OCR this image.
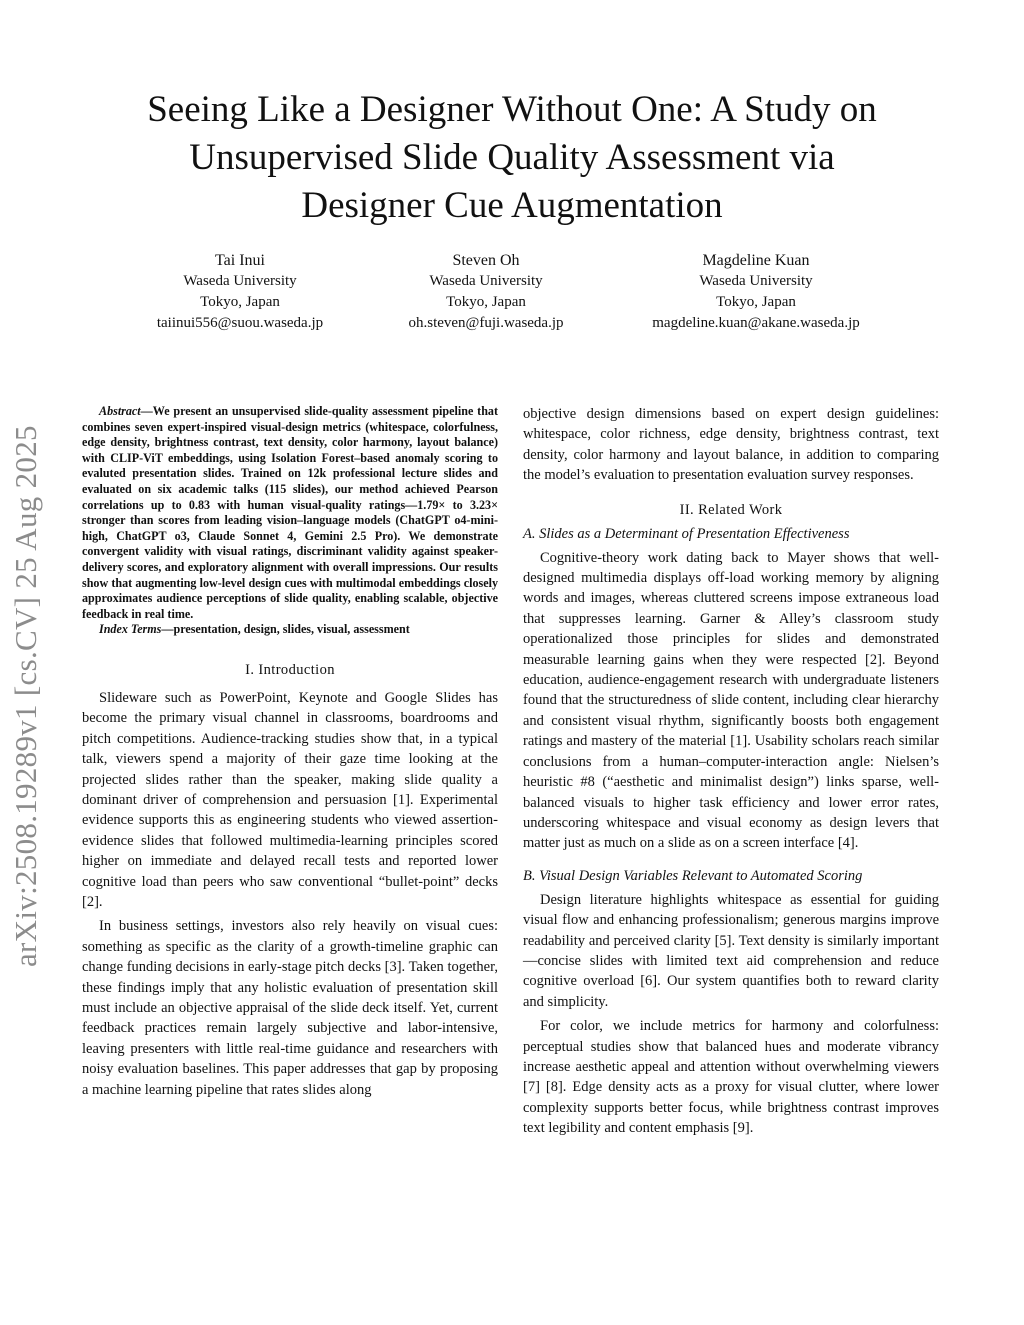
Seeing Like a Designer Without One: A Study on
Unsupervised Slide Quality Assessment via
Designer Cue Augmentation
Tai Inui
Waseda University
Tokyo, Japan
taiinui556@suou.waseda.jp
Steven Oh
Waseda University
Tokyo, Japan
oh.steven@fuji.waseda.jp
Magdeline Kuan
Waseda University
Tokyo, Japan
magdeline.kuan@akane.waseda.jp
arXiv:2508.19289v1 [cs.CV] 25 Aug 2025

Abstract—We present an unsupervised slide-quality assessment pipeline that combines seven expert-inspired visual-design metrics (whitespace, colorfulness, edge density, brightness contrast, text density, color harmony, layout balance) with CLIP-ViT embeddings, using Isolation Forest–based anomaly scoring to evaluted presentation slides. Trained on 12k professional lecture slides and evaluated on six academic talks (115 slides), our method achieved Pearson correlations up to 0.83 with human visual-quality ratings—1.79× to 3.23× stronger than scores from leading vision–language models (ChatGPT o4-mini-high, ChatGPT o3, Claude Sonnet 4, Gemini 2.5 Pro). We demonstrate convergent validity with visual ratings, discriminant validity against speaker-delivery scores, and exploratory alignment with overall impressions. Our results show that augmenting low-level design cues with multimodal embeddings closely approximates audience perceptions of slide quality, enabling scalable, objective feedback in real time.

Index Terms—presentation, design, slides, visual, assessment

I. Introduction

Slideware such as PowerPoint, Keynote and Google Slides has become the primary visual channel in classrooms, boardrooms and pitch competitions. Audience-tracking studies show that, in a typical talk, viewers spend a majority of their gaze time looking at the projected slides rather than the speaker, making slide quality a dominant driver of comprehension and persuasion [1]. Experimental evidence supports this as engineering students who viewed assertion-evidence slides that followed multimedia-learning principles scored higher on immediate and delayed recall tests and reported lower cognitive load than peers who saw conventional “bullet-point” decks [2].

In business settings, investors also rely heavily on visual cues: something as specific as the clarity of a growth-timeline graphic can change funding decisions in early-stage pitch decks [3]. Taken together, these findings imply that any holistic evaluation of presentation skill must include an objective appraisal of the slide deck itself. Yet, current feedback practices remain largely subjective and labor-intensive, leaving presenters with little real-time guidance and researchers with noisy evaluation baselines. This paper addresses that gap by proposing a machine learning pipeline that rates slides along

objective design dimensions based on expert design guidelines: whitespace, color richness, edge density, brightness contrast, text density, color harmony and layout balance, in addition to comparing the model’s evaluation to presentation evaluation survey responses.

II. Related Work
A. Slides as a Determinant of Presentation Effectiveness

Cognitive-theory work dating back to Mayer shows that well-designed multimedia displays off-load working memory by aligning words and images, whereas cluttered screens impose extraneous load that suppresses learning. Garner & Alley’s classroom study operationalized those principles for slides and demonstrated measurable learning gains when they were respected [2]. Beyond education, audience-engagement research with undergraduate listeners found that the structuredness of slide content, including clear hierarchy and consistent visual rhythm, significantly boosts both engagement ratings and mastery of the material [1]. Usability scholars reach similar conclusions from a human–computer-interaction angle: Nielsen’s heuristic #8 (“aesthetic and minimalist design”) links sparse, well-balanced visuals to higher task efficiency and lower error rates, underscoring whitespace and visual economy as design levers that matter just as much on a slide as on a screen interface [4].

B. Visual Design Variables Relevant to Automated Scoring

Design literature highlights whitespace as essential for guiding visual flow and enhancing professionalism; generous margins improve readability and perceived clarity [5]. Text density is similarly important—concise slides with limited text aid comprehension and reduce cognitive overload [6]. Our system quantifies both to reward clarity and simplicity.

For color, we include metrics for harmony and colorfulness: perceptual studies show that balanced hues and moderate vibrancy increase aesthetic appeal and attention without overwhelming viewers [7] [8]. Edge density acts as a proxy for visual clutter, where lower complexity supports better focus, while brightness contrast improves text legibility and content emphasis [9].
